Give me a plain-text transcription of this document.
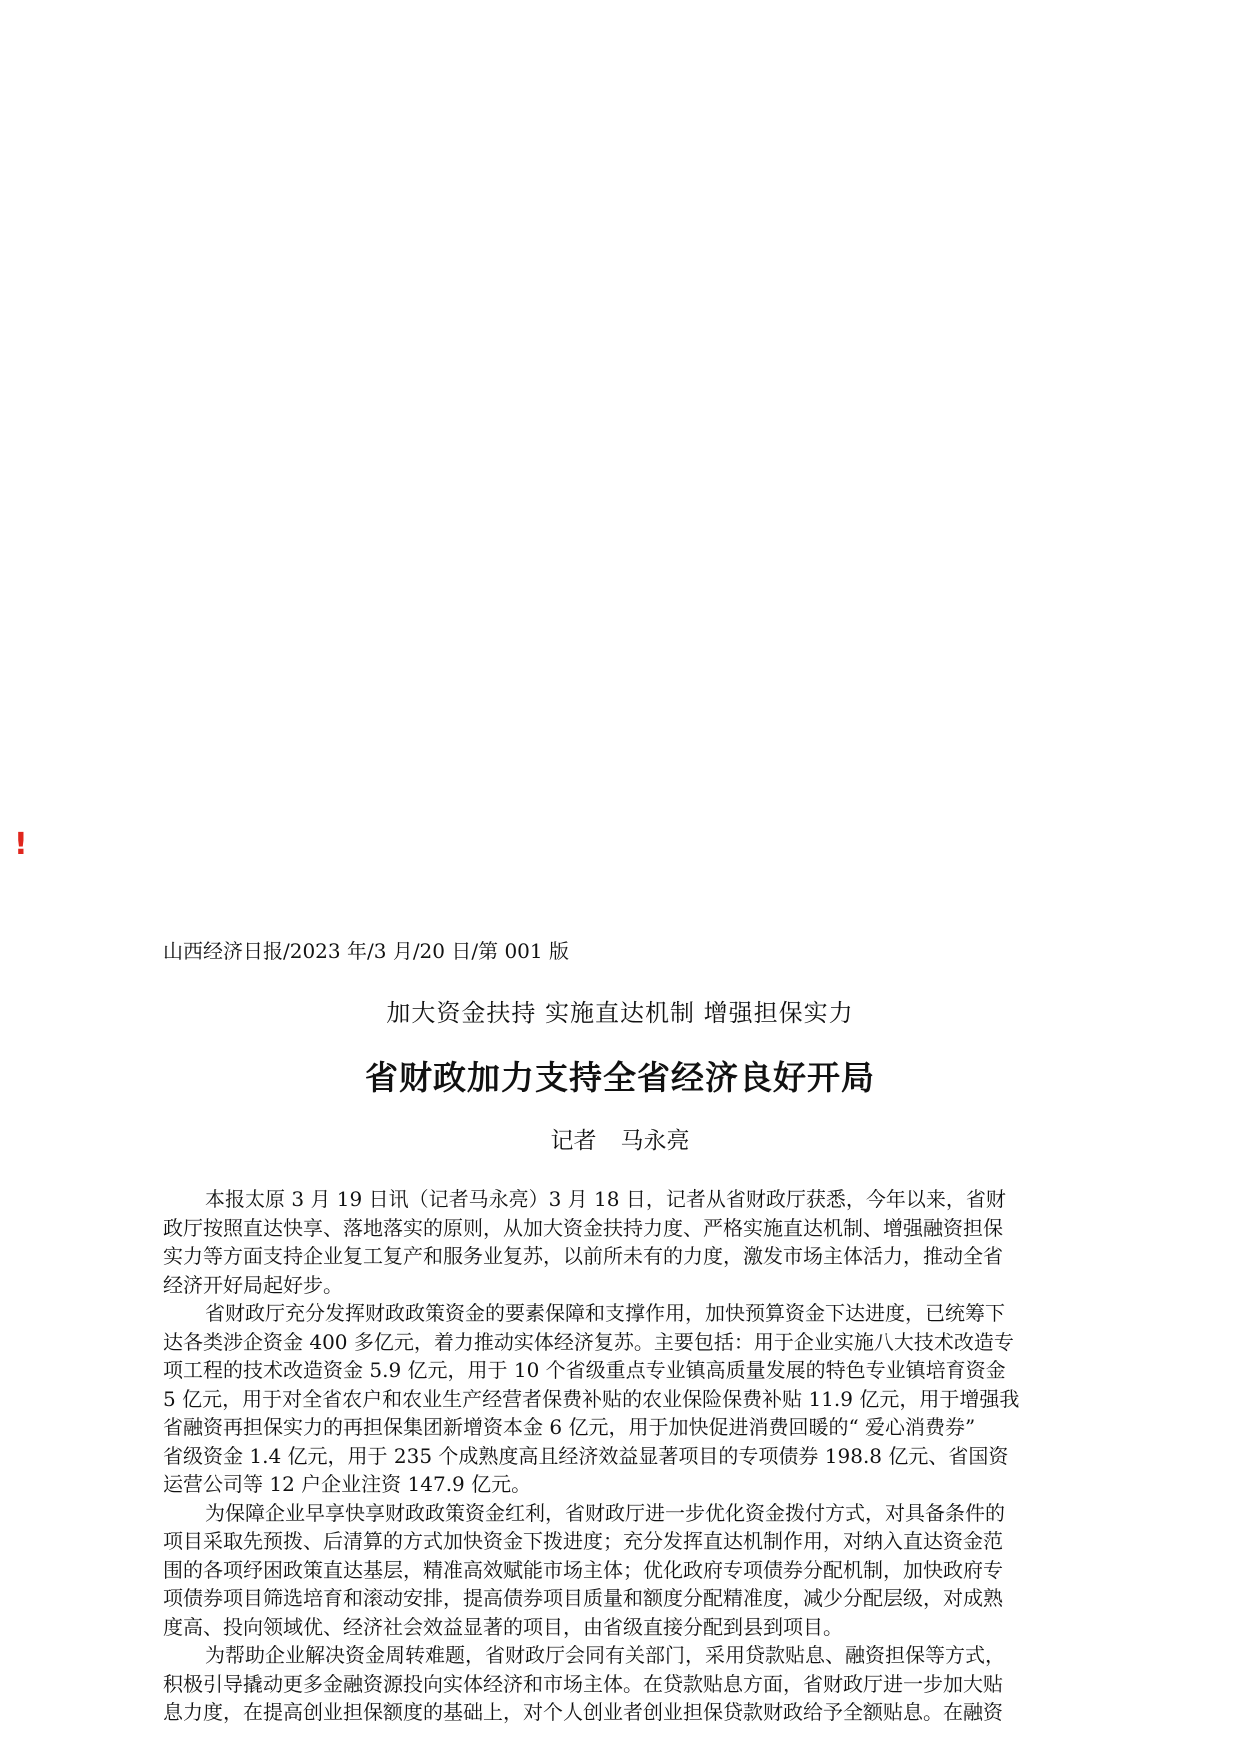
!
山西经济日报/2023 年/3 月/20 日/第 001 版
加大资金扶持 实施直达机制 增强担保实力
省财政加力支持全省经济良好开局
记者 马永亮
本报太原 3 月 19 日讯（记者马永亮）3 月 18 日，记者从省财政厅获悉，今年以来，省财
政厅按照直达快享、落地落实的原则，从加大资金扶持力度、严格实施直达机制、增强融资担保
实力等方面支持企业复工复产和服务业复苏，以前所未有的力度，激发市场主体活力，推动全省
经济开好局起好步。
省财政厅充分发挥财政政策资金的要素保障和支撑作用，加快预算资金下达进度，已统筹下
达各类涉企资金 400 多亿元，着力推动实体经济复苏。主要包括：用于企业实施八大技术改造专
项工程的技术改造资金 5.9 亿元，用于 10 个省级重点专业镇高质量发展的特色专业镇培育资金
5 亿元，用于对全省农户和农业生产经营者保费补贴的农业保险保费补贴 11.9 亿元，用于增强我
省融资再担保实力的再担保集团新增资本金 6 亿元，用于加快促进消费回暖的“ 爱心消费券”
省级资金 1.4 亿元，用于 235 个成熟度高且经济效益显著项目的专项债券 198.8 亿元、省国资
运营公司等 12 户企业注资 147.9 亿元。
为保障企业早享快享财政政策资金红利，省财政厅进一步优化资金拨付方式，对具备条件的
项目采取先预拨、后清算的方式加快资金下拨进度；充分发挥直达机制作用，对纳入直达资金范
围的各项纾困政策直达基层，精准高效赋能市场主体；优化政府专项债券分配机制，加快政府专
项债券项目筛选培育和滚动安排，提高债券项目质量和额度分配精准度，减少分配层级，对成熟
度高、投向领域优、经济社会效益显著的项目，由省级直接分配到县到项目。
为帮助企业解决资金周转难题，省财政厅会同有关部门，采用贷款贴息、融资担保等方式，
积极引导撬动更多金融资源投向实体经济和市场主体。在贷款贴息方面，省财政厅进一步加大贴
息力度，在提高创业担保额度的基础上，对个人创业者创业担保贷款财政给予全额贴息。在融资
